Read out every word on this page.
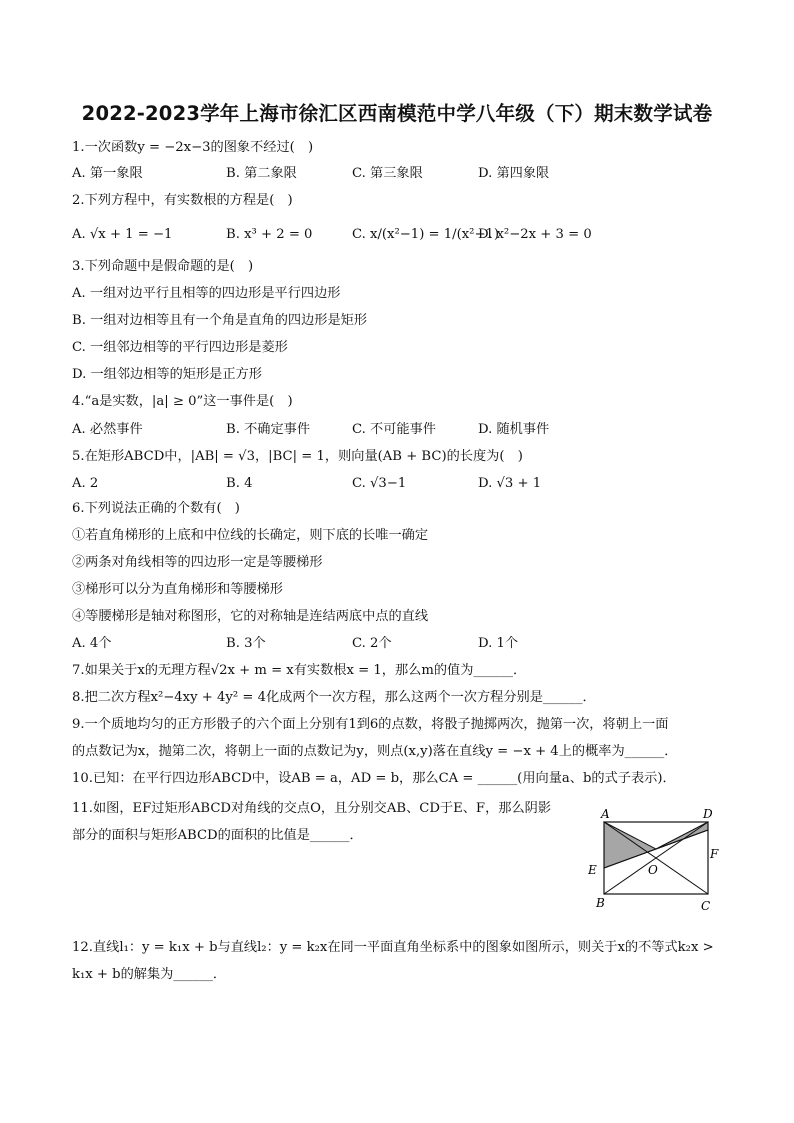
2022-2023学年上海市徐汇区西南模范中学八年级（下）期末数学试卷
1.一次函数y = −2x−3的图象不经过(　)
A. 第一象限	B. 第二象限	C. 第三象限	D. 第四象限
2.下列方程中，有实数根的方程是(　)
A. √x + 1 = −1	B. x³ + 2 = 0	C. x/(x²−1) = 1/(x²−1)
D. x²−2x + 3 = 0
3.下列命题中是假命题的是(　)
A. 一组对边平行且相等的四边形是平行四边形
B. 一组对边相等且有一个角是直角的四边形是矩形
C. 一组邻边相等的平行四边形是菱形
D. 一组邻边相等的矩形是正方形
4.“a是实数，|a| ≥ 0”这一事件是(　)
A. 必然事件	B. 不确定事件	C. 不可能事件	D. 随机事件
5.在矩形ABCD中，|AB| = √3，|BC| = 1，则向量(AB + BC)的长度为(　)
A. 2	B. 4	C. √3−1	D. √3 + 1
6.下列说法正确的个数有(　)
①若直角梯形的上底和中位线的长确定，则下底的长唯一确定
②两条对角线相等的四边形一定是等腰梯形
③梯形可以分为直角梯形和等腰梯形
④等腰梯形是轴对称图形，它的对称轴是连结两底中点的直线
A. 4个	B. 3个	C. 2个	D. 1个
7.如果关于x的无理方程√2x + m = x有实数根x = 1，那么m的值为______．
8.把二次方程x²−4xy + 4y² = 4化成两个一次方程，那么这两个一次方程分别是______．
9.一个质地均匀的正方形骰子的六个面上分别有1到6的点数，将骰子抛掷两次，抛第一次，将朝上一面
的点数记为x，抛第二次，将朝上一面的点数记为y，则点(x,y)落在直线y = −x + 4上的概率为______．
10.已知：在平行四边形ABCD中，设AB = a，AD = b，那么CA = ______(用向量a、b的式子表示)．
11.如图，EF过矩形ABCD对角线的交点O，且分别交AB、CD于E、F，那么阴影
部分的面积与矩形ABCD的面积的比值是______．
A	D
E
F
O
B	C
12.直线l₁：y = k₁x + b与直线l₂：y = k₂x在同一平面直角坐标系中的图象如图所示，则关于x的不等式k₂x >
k₁x + b的解集为______．
